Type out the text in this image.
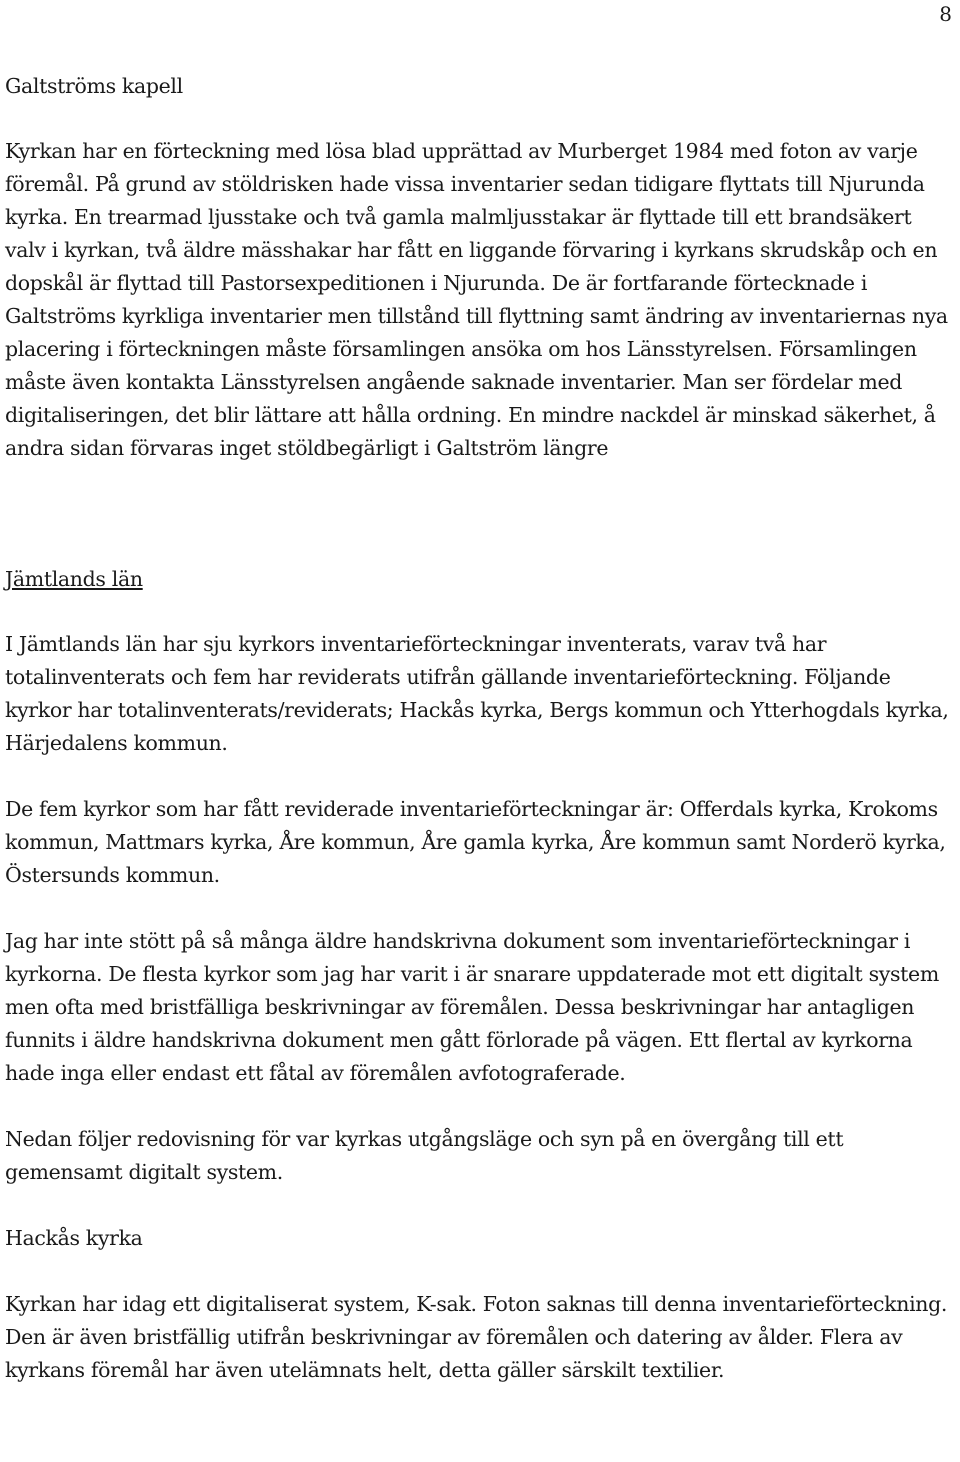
8
Galtströms kapell

Kyrkan har en förteckning med lösa blad upprättad av Murberget 1984 med foton av varje föremål. På grund av stöldrisken hade vissa inventarier sedan tidigare flyttats till Njurunda kyrka. En trearmad ljusstake och två gamla malmljusstakar är flyttade till ett brandsäkert valv i kyrkan, två äldre mässhakar har fått en liggande förvaring i kyrkans skrudskåp och en dopskål är flyttad till Pastorsexpeditionen i Njurunda. De är fortfarande förtecknade i Galtströms kyrkliga inventarier men tillstånd till flyttning samt ändring av inventariernas nya placering i förteckningen måste församlingen ansöka om hos Länsstyrelsen. Församlingen måste även kontakta Länsstyrelsen angående saknade inventarier. Man ser fördelar med digitaliseringen, det blir lättare att hålla ordning. En mindre nackdel är minskad säkerhet, å andra sidan förvaras inget stöldbegärligt i Galtström längre

Jämtlands län

I Jämtlands län har sju kyrkors inventarieförteckningar inventerats, varav två har totalinventerats och fem har reviderats utifrån gällande inventarieförteckning. Följande kyrkor har totalinventerats/reviderats; Hackås kyrka, Bergs kommun och Ytterhogdals kyrka, Härjedalens kommun.

De fem kyrkor som har fått reviderade inventarieförteckningar är: Offerdals kyrka, Krokoms kommun, Mattmars kyrka, Åre kommun, Åre gamla kyrka, Åre kommun samt Norderö kyrka, Östersunds kommun.

Jag har inte stött på så många äldre handskrivna dokument som inventarieförteckningar i kyrkorna. De flesta kyrkor som jag har varit i är snarare uppdaterade mot ett digitalt system men ofta med bristfälliga beskrivningar av föremålen. Dessa beskrivningar har antagligen funnits i äldre handskrivna dokument men gått förlorade på vägen. Ett flertal av kyrkorna hade inga eller endast ett fåtal av föremålen avfotograferade.

Nedan följer redovisning för var kyrkas utgångsläge och syn på en övergång till ett gemensamt digitalt system.

Hackås kyrka

Kyrkan har idag ett digitaliserat system, K-sak. Foton saknas till denna inventarieförteckning. Den är även bristfällig utifrån beskrivningar av föremålen och datering av ålder. Flera av kyrkans föremål har även utelämnats helt, detta gäller särskilt textilier.
